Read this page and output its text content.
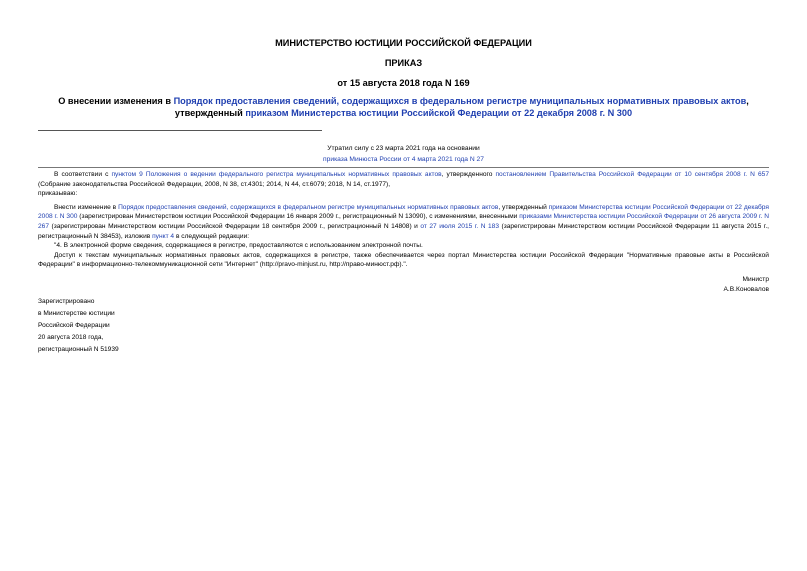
МИНИСТЕРСТВО ЮСТИЦИИ РОССИЙСКОЙ ФЕДЕРАЦИИ
ПРИКАЗ
от 15 августа 2018 года N 169
О внесении изменения в Порядок предоставления сведений, содержащихся в федеральном регистре муниципальных нормативных правовых актов, утвержденный приказом Министерства юстиции Российской Федерации от 22 декабря 2008 г. N 300
Утратил силу с 23 марта 2021 года на основании
приказа Минюста России от 4 марта 2021 года N 27

В соответствии с пунктом 9 Положения о ведении федерального регистра муниципальных нормативных правовых актов, утвержденного постановлением Правительства Российской Федерации от 10 сентября 2008 г. N 657 (Собрание законодательства Российской Федерации, 2008, N 38, ст.4301; 2014, N 44, ст.6079; 2018, N 14, ст.1977),

приказываю:

Внести изменение в Порядок предоставления сведений, содержащихся в федеральном регистре муниципальных нормативных правовых актов, утвержденный приказом Министерства юстиции Российской Федерации от 22 декабря 2008 г. N 300 (зарегистрирован Министерством юстиции Российской Федерации 16 января 2009 г., регистрационный N 13090), с изменениями, внесенными приказами Министерства юстиции Российской Федерации от 26 августа 2009 г. N 267 (зарегистрирован Министерством юстиции Российской Федерации 18 сентября 2009 г., регистрационный N 14808) и от 27 июля 2015 г. N 183 (зарегистрирован Министерством юстиции Российской Федерации 11 августа 2015 г., регистрационный N 38453), изложив пункт 4 в следующей редакции:

"4. В электронной форме сведения, содержащиеся в регистре, предоставляются с использованием электронной почты.

Доступ к текстам муниципальных нормативных правовых актов, содержащихся в регистре, также обеспечивается через портал Министерства юстиции Российской Федерации "Нормативные правовые акты в Российской Федерации" в информационно-телекоммуникационной сети "Интернет" (http://pravo-minjust.ru, http://право-минюст.рф).".

Министр
А.В.Коновалов
Зарегистрировано
в Министерстве юстиции
Российской Федерации
20 августа 2018 года,
регистрационный N 51939
